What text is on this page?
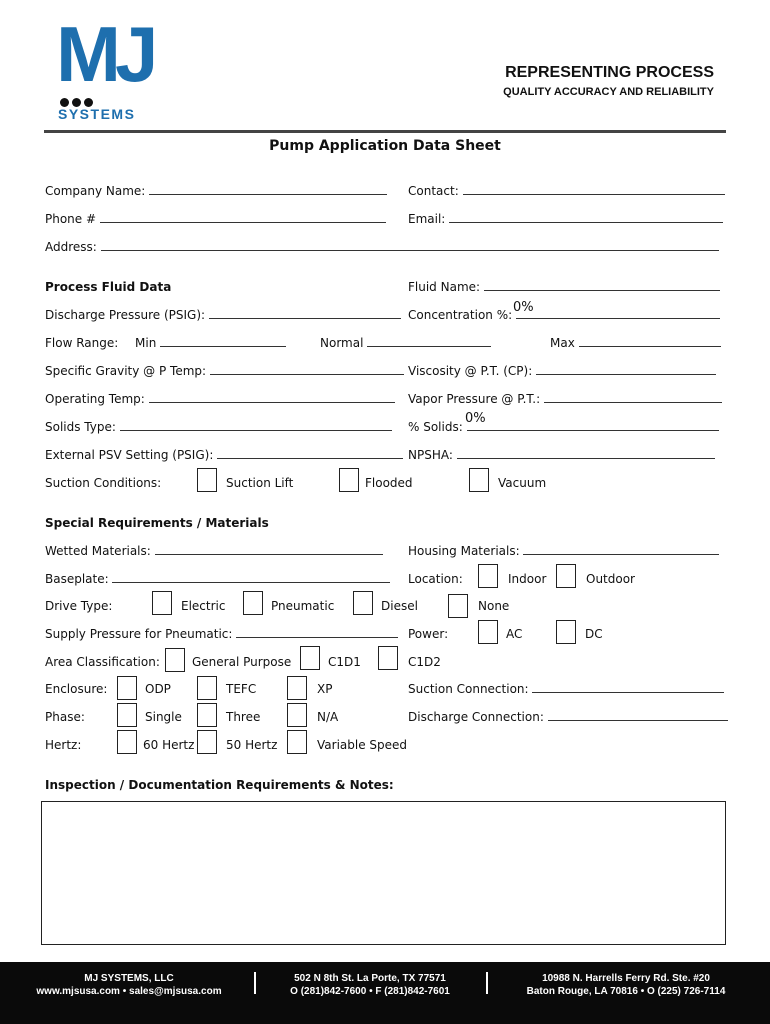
MJ
SYSTEMS
REPRESENTING PROCESS
QUALITY ACCURACY AND RELIABILITY
Pump Application Data Sheet
Company Name:	Contact:
Phone #	Email:
Address:
Process Fluid Data	Fluid Name:
Discharge Pressure (PSIG):	Concentration %: 0%
Flow Range: Min	Normal	Max
Specific Gravity @ P Temp:	Viscosity @ P.T. (CP):
Operating Temp:	Vapor Pressure @ P.T.:
Solids Type:	% Solids:
0%
External PSV Setting (PSIG):	NPSHA:
Suction Conditions:	Suction Lift	Flooded	Vacuum
Special Requirements / Materials
Wetted Materials:	Housing Materials:
Baseplate:	Location:	Indoor	Outdoor
Drive Type:	Electric	Pneumatic	Diesel	None
Supply Pressure for Pneumatic:	Power:	AC	DC
Area Classification:	General Purpose	C1D1	C1D2
Enclosure:	ODP	TEFC	XP	Suction Connection:
Phase:	Single	Three	N/A	Discharge Connection:
Hertz:	60 Hertz	50 Hertz	Variable Speed
Inspection / Documentation Requirements & Notes:
MJ SYSTEMS, LLC
www.mjsusa.com • sales@mjsusa.com
502 N 8th St. La Porte, TX 77571
O (281)842-7600 • F (281)842-7601
10988 N. Harrells Ferry Rd. Ste. #20
Baton Rouge, LA 70816 • O (225) 726-7114
